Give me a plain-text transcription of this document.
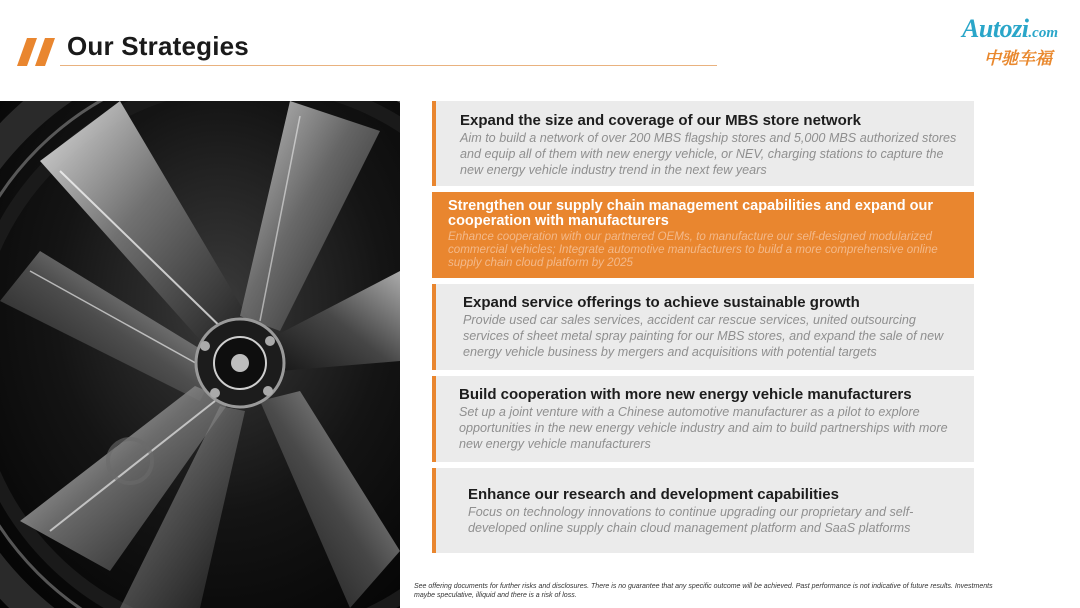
Our Strategies
Autozi.com
中驰车福
Expand the size and coverage of our MBS store network
Aim to build a network of over 200 MBS flagship stores and 5,000 MBS authorized stores and equip all of them with new energy vehicle, or NEV, charging stations to capture the new energy vehicle industry trend in the next few years
Strengthen our supply chain management capabilities and expand our cooperation with manufacturers
Enhance cooperation with our partnered OEMs, to manufacture our self-designed modularized commercial vehicles; Integrate automotive manufacturers to build a more comprehensive online supply chain cloud platform by 2025
Expand service offerings to achieve sustainable growth
Provide used car sales services, accident car rescue services, united outsourcing services of sheet metal spray painting for our MBS stores, and expand the sale of new energy vehicle business by mergers and acquisitions with potential targets
Build cooperation with more new energy vehicle manufacturers
Set up a joint venture with a Chinese automotive manufacturer as a pilot to explore opportunities in the new energy vehicle industry and aim to build partnerships with more new energy vehicle manufacturers
Enhance our research and development capabilities
Focus on technology innovations to continue upgrading our proprietary and self-developed online supply chain cloud management platform and SaaS platforms
See offering documents for further risks and disclosures. There is no guarantee that any specific outcome will be achieved. Past performance is not indicative of future results. Investments maybe speculative, illiquid and there is a risk of loss.
